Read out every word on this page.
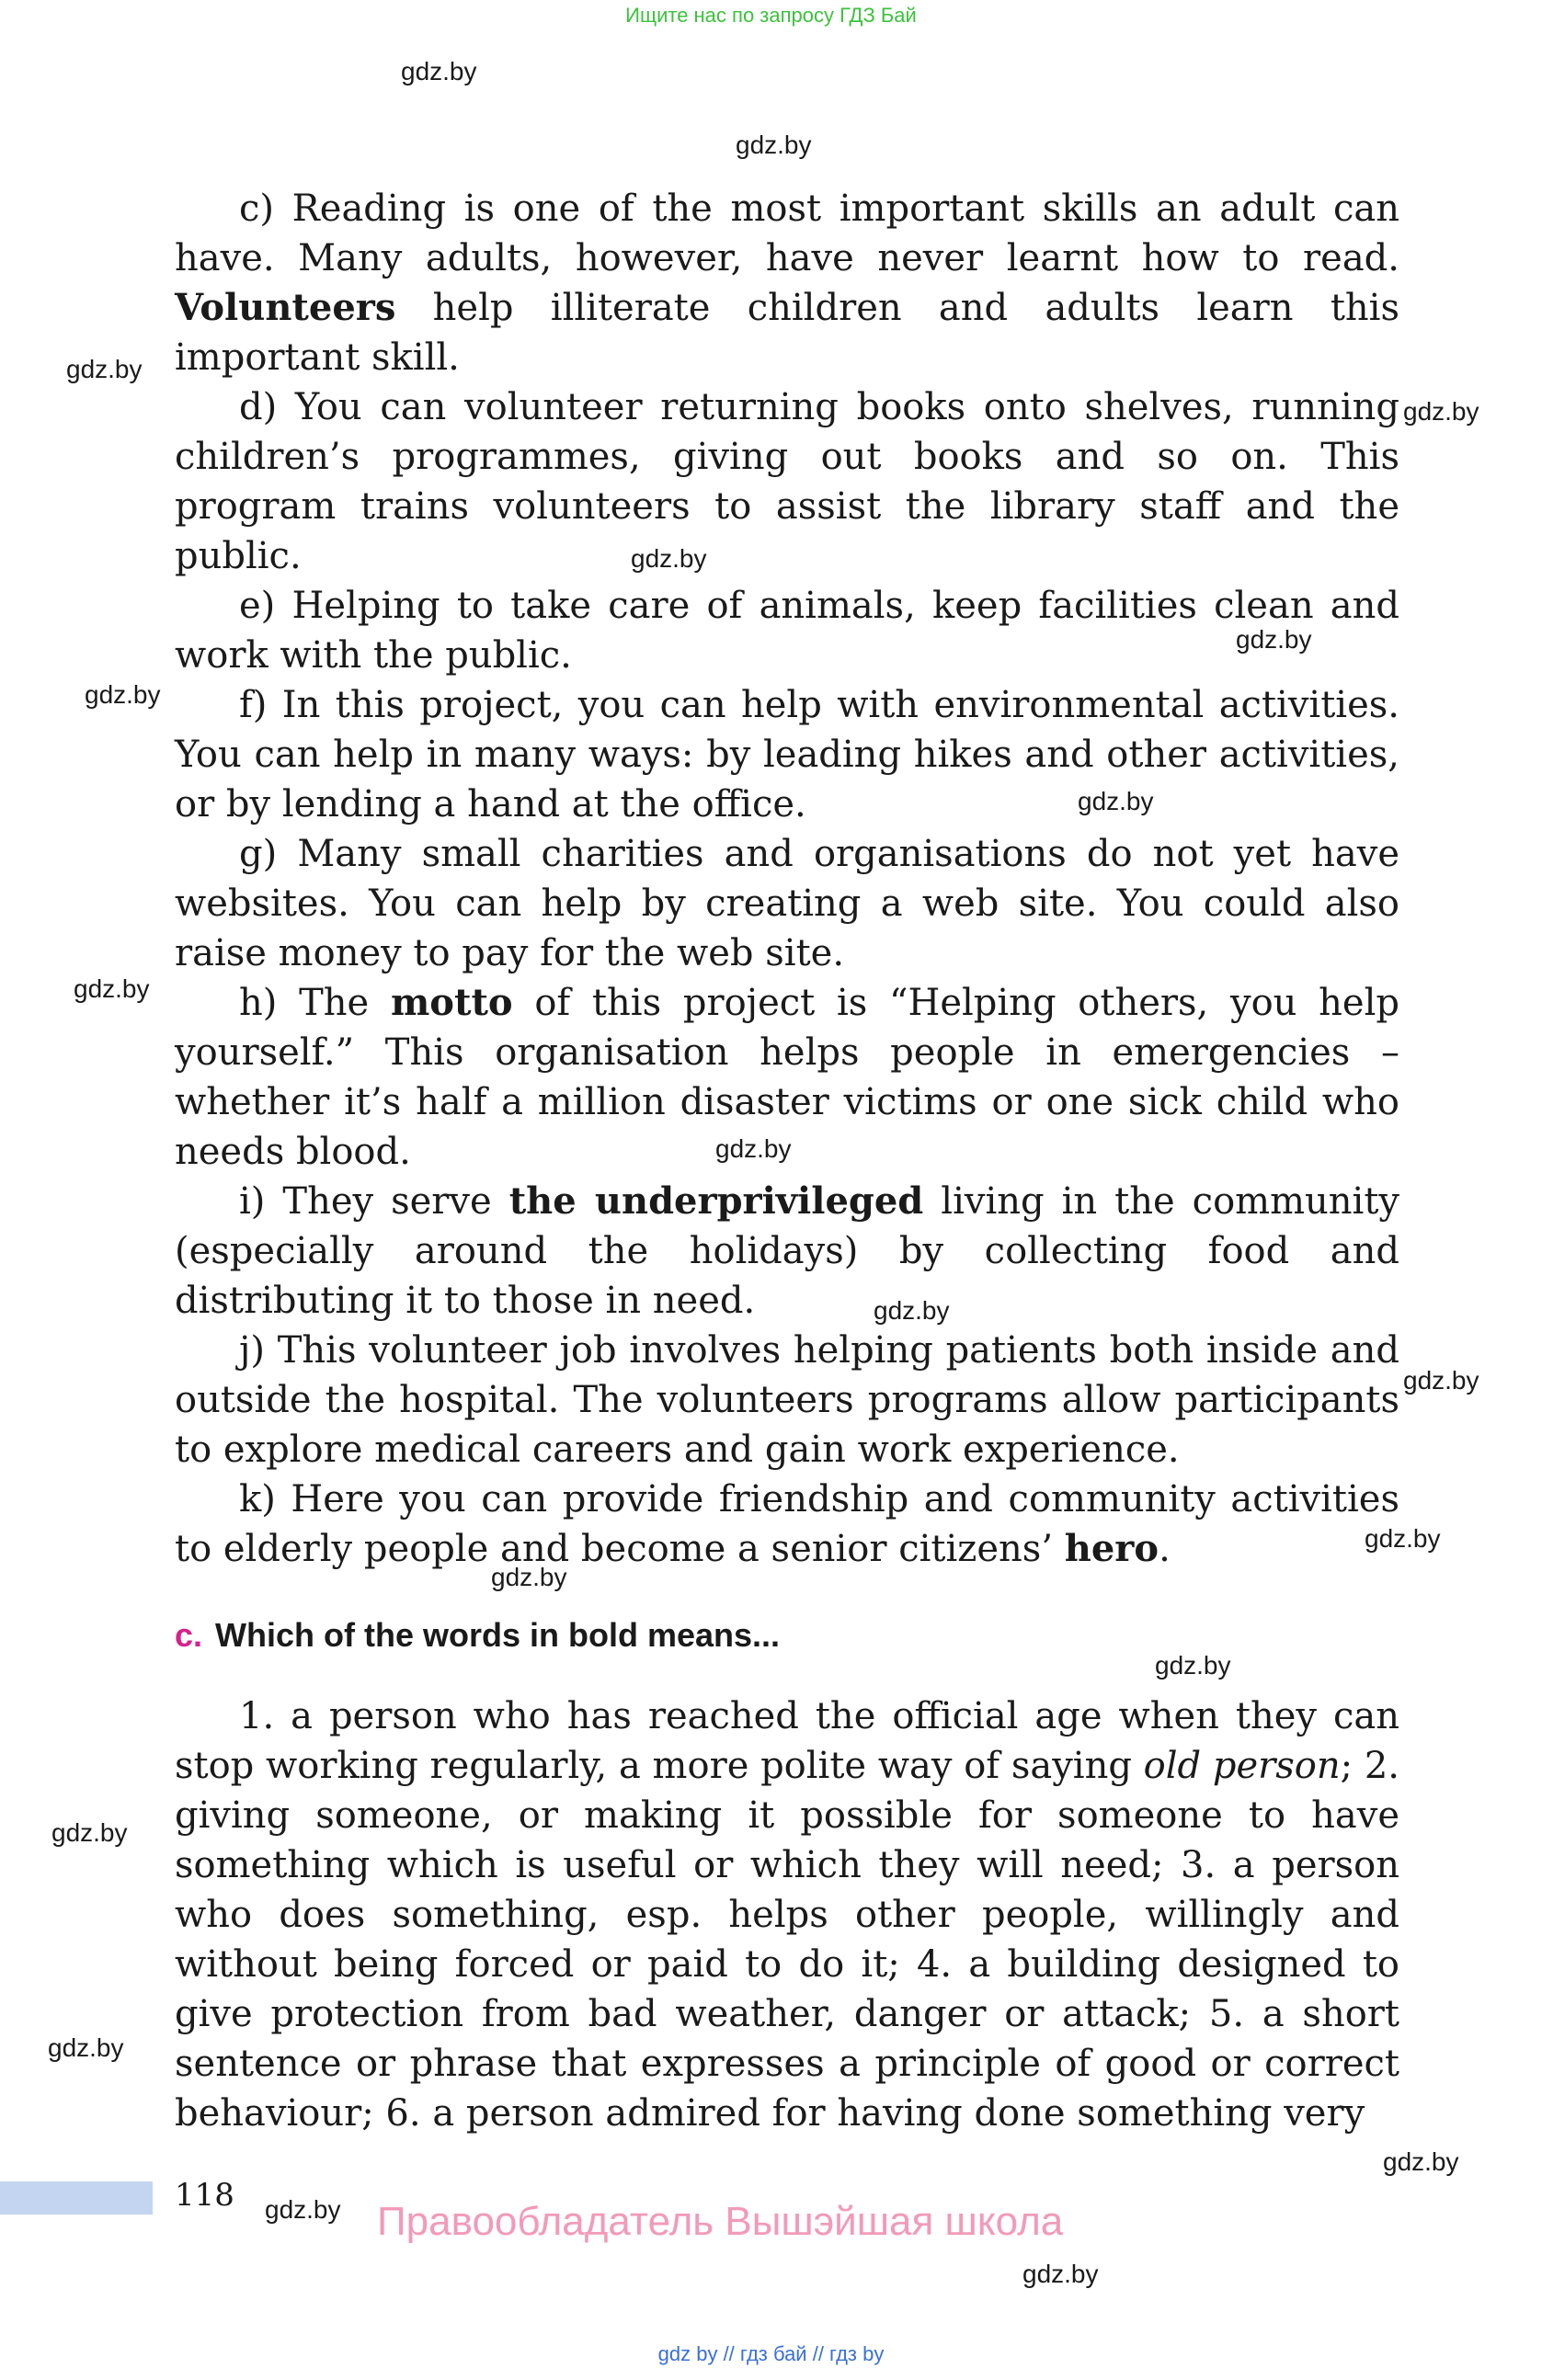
Ищите нас по запросу ГДЗ Бай
gdz.by
gdz.by
gdz.by
gdz.by
gdz.by
gdz.by
gdz.by
gdz.by
gdz.by
gdz.by
gdz.by
gdz.by
gdz.by
gdz.by
gdz.by
gdz.by
gdz.by
gdz.by
gdz.by
gdz.by

c) Reading is one of the most important skills an adult can have. Many adults, however, have never learnt how to read. Volunteers help illiterate children and adults learn this important skill.

d) You can volunteer returning books onto shelves, running children’s programmes, giving out books and so on. This program trains volunteers to assist the library staff and the public.

e) Helping to take care of animals, keep facilities clean and work with the public.

f) In this project, you can help with environmental activities. You can help in many ways: by leading hikes and other activities, or by lending a hand at the office.

g) Many small charities and organisations do not yet have websites. You can help by creating a web site. You could also raise money to pay for the web site.

h) The motto of this project is “Helping others, you help yourself.” This organisation helps people in emergencies – whether it’s half a million disaster victims or one sick child who needs blood.

i) They serve the underprivileged living in the community (especially around the holidays) by collecting food and distributing it to those in need.

j) This volunteer job involves helping patients both inside and outside the hospital. The volunteers programs allow participants to explore medical careers and gain work experience.

k) Here you can provide friendship and community activities to elderly people and become a senior citizens’ hero.

c. Which of the words in bold means...

1. a person who has reached the official age when they can stop working regularly, a more polite way of saying old person; 2. giving someone, or making it possible for someone to have something which is useful or which they will need; 3. a person who does something, esp. helps other people, willingly and without being forced or paid to do it; 4. a building designed to give protection from bad weather, danger or attack; 5. a short sentence or phrase that expresses a principle of good or correct behaviour; 6. a person admired for having done something very

118
Правообладатель Вышэйшая школа
gdz by // гдз бай // гдз by
